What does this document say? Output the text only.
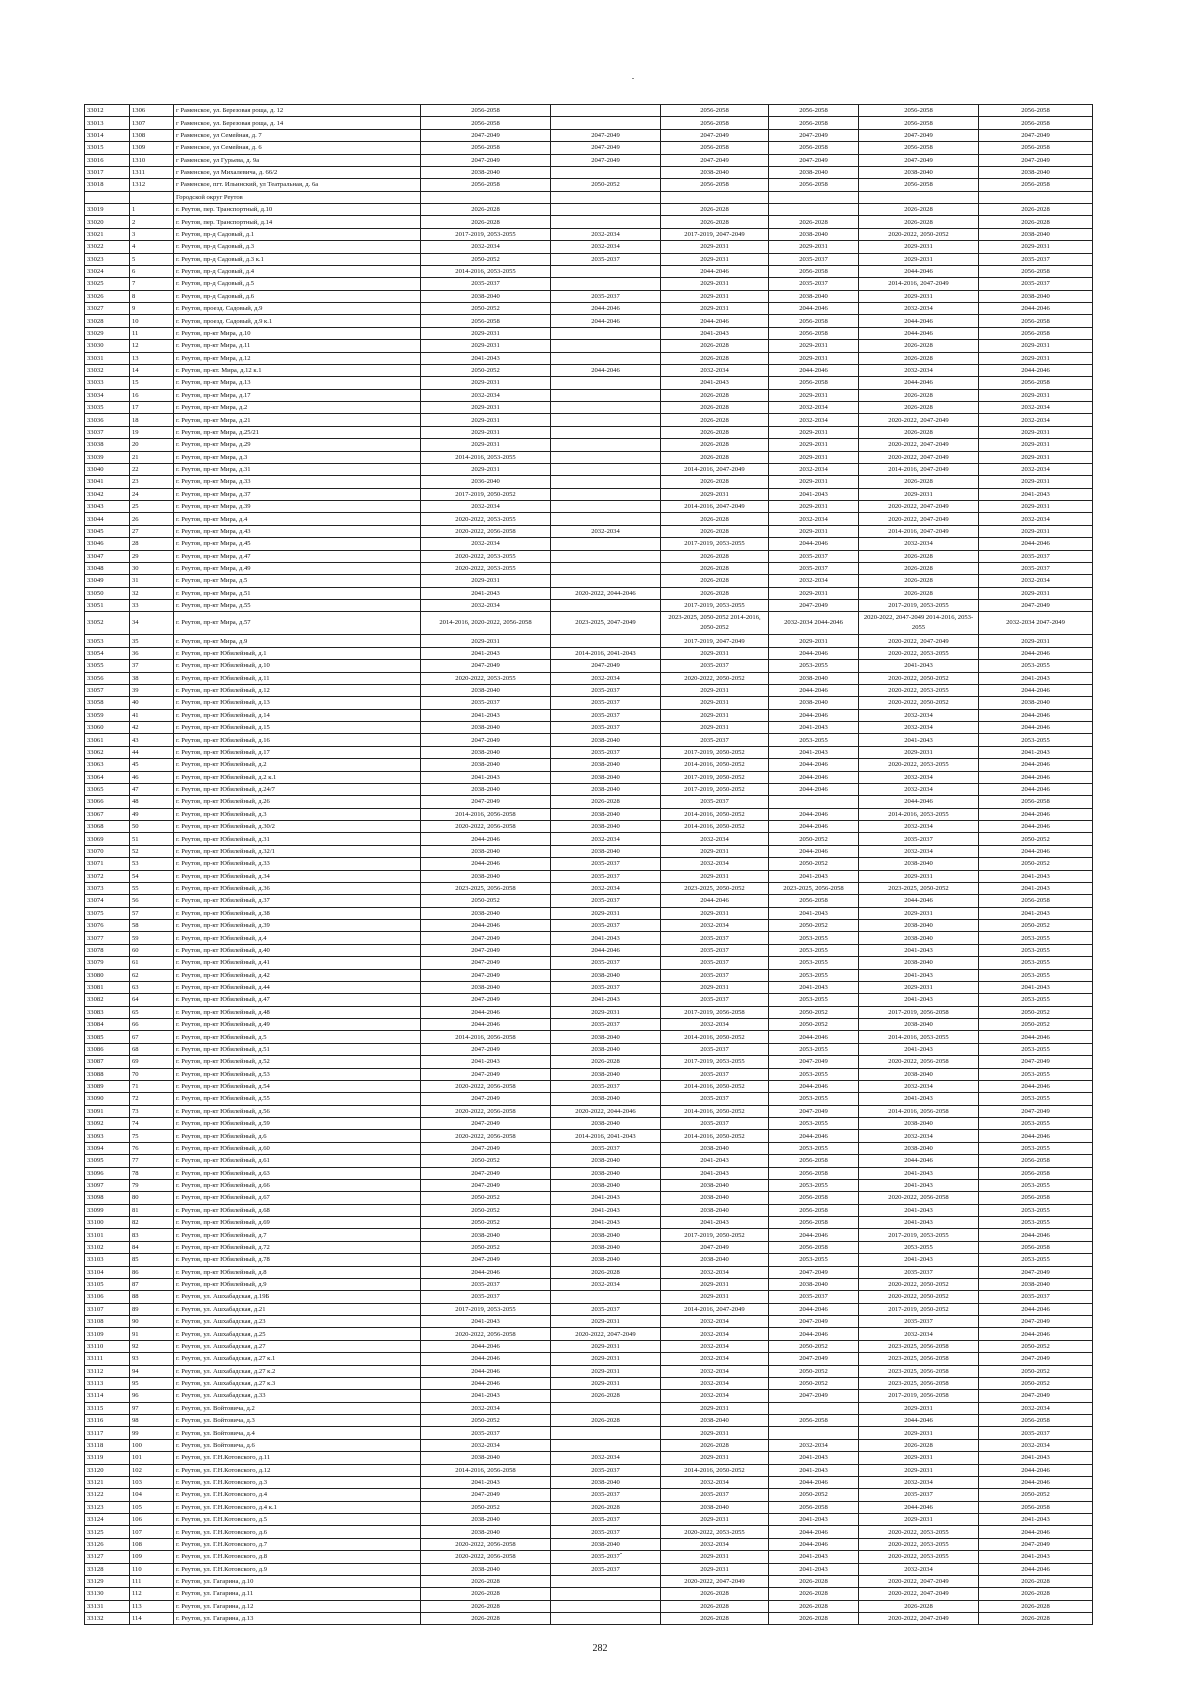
33012	1306	г Раменское, ул. Березовая роща, д. 12	2056-2058		2056-2058	2056-2058	2056-2058	2056-2058
33013	1307	г Раменское, ул. Березовая роща, д. 14	2056-2058		2056-2058	2056-2058	2056-2058	2056-2058
33014	1308	г Раменское, ул Семейная, д. 7	2047-2049	2047-2049	2047-2049	2047-2049	2047-2049	2047-2049
33015	1309	г Раменское, ул Семейная, д. 6	2056-2058	2047-2049	2056-2058	2056-2058	2056-2058	2056-2058
33016	1310	г Раменское, ул Гурьева, д. 9а	2047-2049	2047-2049	2047-2049	2047-2049	2047-2049	2047-2049
33017	1311	г Раменское, ул Михалевича, д. 66/2	2038-2040		2038-2040	2038-2040	2038-2040	2038-2040
33018	1312	г Раменское, пгт. Ильинский, ул Театральная, д. 6а	2056-2058	2050-2052	2056-2058	2056-2058	2056-2058	2056-2058
		Городской округ Реутов						
33019	1	г. Реутов, пер. Транспортный, д.10	2026-2028		2026-2028		2026-2028	2026-2028
33020	2	г. Реутов, пер. Транспортный, д.14	2026-2028		2026-2028	2026-2028	2026-2028	2026-2028
33021	3	г. Реутов, пр-д Садовый, д.1	2017-2019, 2053-2055	2032-2034	2017-2019, 2047-2049	2038-2040	2020-2022, 2050-2052	2038-2040
33022	4	г. Реутов, пр-д Садовый, д.3	2032-2034	2032-2034	2029-2031	2029-2031	2029-2031	2029-2031
33023	5	г. Реутов, пр-д Садовый, д.3 к.1	2050-2052	2035-2037	2029-2031	2035-2037	2029-2031	2035-2037
33024	6	г. Реутов, пр-д Садовый, д.4	2014-2016, 2053-2055		2044-2046	2056-2058	2044-2046	2056-2058
33025	7	г. Реутов, пр-д Садовый, д.5	2035-2037		2029-2031	2035-2037	2014-2016, 2047-2049	2035-2037
33026	8	г. Реутов, пр-д Садовый, д.6	2038-2040	2035-2037	2029-2031	2038-2040	2029-2031	2038-2040
33027	9	г. Реутов, проезд. Садовый, д.9	2050-2052	2044-2046	2029-2031	2044-2046	2032-2034	2044-2046
33028	10	г. Реутов, проезд. Садовый, д.9 к.1	2056-2058	2044-2046	2044-2046	2056-2058	2044-2046	2056-2058
33029	11	г. Реутов, пр-кт Мира, д.10	2029-2031		2041-2043	2056-2058	2044-2046	2056-2058
33030	12	г. Реутов, пр-кт Мира, д.11	2029-2031		2026-2028	2029-2031	2026-2028	2029-2031
33031	13	г. Реутов, пр-кт Мира, д.12	2041-2043		2026-2028	2029-2031	2026-2028	2029-2031
33032	14	г. Реутов, пр-кт. Мира, д.12 к.1	2050-2052	2044-2046	2032-2034	2044-2046	2032-2034	2044-2046
33033	15	г. Реутов, пр-кт Мира, д.13	2029-2031		2041-2043	2056-2058	2044-2046	2056-2058
33034	16	г. Реутов, пр-кт Мира, д.17	2032-2034		2026-2028	2029-2031	2026-2028	2029-2031
33035	17	г. Реутов, пр-кт Мира, д.2	2029-2031		2026-2028	2032-2034	2026-2028	2032-2034
33036	18	г. Реутов, пр-кт Мира, д.21	2029-2031		2026-2028	2032-2034	2020-2022, 2047-2049	2032-2034
33037	19	г. Реутов, пр-кт Мира, д.25/21	2029-2031		2026-2028	2029-2031	2026-2028	2029-2031
33038	20	г. Реутов, пр-кт Мира, д.29	2029-2031		2026-2028	2029-2031	2020-2022, 2047-2049	2029-2031
33039	21	г. Реутов, пр-кт Мира, д.3	2014-2016, 2053-2055		2026-2028	2029-2031	2020-2022, 2047-2049	2029-2031
33040	22	г. Реутов, пр-кт Мира, д.31	2029-2031		2014-2016, 2047-2049	2032-2034	2014-2016, 2047-2049	2032-2034
33041	23	г. Реутов, пр-кт Мира, д.33	2036-2040		2026-2028	2029-2031	2026-2028	2029-2031
33042	24	г. Реутов, пр-кт Мира, д.37	2017-2019, 2050-2052		2029-2031	2041-2043	2029-2031	2041-2043
33043	25	г. Реутов, пр-кт Мира, д.39	2032-2034		2014-2016, 2047-2049	2029-2031	2020-2022, 2047-2049	2029-2031
33044	26	г. Реутов, пр-кт Мира, д.4	2020-2022, 2053-2055		2026-2028	2032-2034	2020-2022, 2047-2049	2032-2034
33045	27	г. Реутов, пр-кт Мира, д.43	2020-2022, 2056-2058	2032-2034	2026-2028	2029-2031	2014-2016, 2047-2049	2029-2031
33046	28	г. Реутов, пр-кт Мира, д.45	2032-2034		2017-2019, 2053-2055	2044-2046	2032-2034	2044-2046
33047	29	г. Реутов, пр-кт Мира, д.47	2020-2022, 2053-2055		2026-2028	2035-2037	2026-2028	2035-2037
33048	30	г. Реутов, пр-кт Мира, д.49	2020-2022, 2053-2055		2026-2028	2035-2037	2026-2028	2035-2037
33049	31	г. Реутов, пр-кт Мира, д.5	2029-2031		2026-2028	2032-2034	2026-2028	2032-2034
33050	32	г. Реутов, пр-кт Мира, д.51	2041-2043	2020-2022, 2044-2046	2026-2028	2029-2031	2026-2028	2029-2031
33051	33	г. Реутов, пр-кт Мира, д.55	2032-2034		2017-2019, 2053-2055	2047-2049	2017-2019, 2053-2055	2047-2049
33052	34	г. Реутов, пр-кт Мира, д.57	2014-2016, 2020-2022, 2056-2058	2023-2025, 2047-2049	2023-2025, 2050-2052 2014-2016, 2050-2052	2032-2034 2044-2046	2020-2022, 2047-2049 2014-2016, 2053-2055	2032-2034 2047-2049
33053	35	г. Реутов, пр-кт Мира, д.9	2029-2031		2017-2019, 2047-2049	2029-2031	2020-2022, 2047-2049	2029-2031
33054	36	г. Реутов, пр-кт Юбилейный, д.1	2041-2043	2014-2016, 2041-2043	2029-2031	2044-2046	2020-2022, 2053-2055	2044-2046
33055	37	г. Реутов, пр-кт Юбилейный, д.10	2047-2049	2047-2049	2035-2037	2053-2055	2041-2043	2053-2055
33056	38	г. Реутов, пр-кт Юбилейный, д.11	2020-2022, 2053-2055	2032-2034	2020-2022, 2050-2052	2038-2040	2020-2022, 2050-2052	2041-2043
33057	39	г. Реутов, пр-кт Юбилейный, д.12	2038-2040	2035-2037	2029-2031	2044-2046	2020-2022, 2053-2055	2044-2046
33058	40	г. Реутов, пр-кт Юбилейный, д.13	2035-2037	2035-2037	2029-2031	2038-2040	2020-2022, 2050-2052	2038-2040
33059	41	г. Реутов, пр-кт Юбилейный, д.14	2041-2043	2035-2037	2029-2031	2044-2046	2032-2034	2044-2046
33060	42	г. Реутов, пр-кт Юбилейный, д.15	2038-2040	2035-2037	2029-2031	2041-2043	2032-2034	2044-2046
33061	43	г. Реутов, пр-кт Юбилейный, д.16	2047-2049	2038-2040	2035-2037	2053-2055	2041-2043	2053-2055
33062	44	г. Реутов, пр-кт Юбилейный, д.17	2038-2040	2035-2037	2017-2019, 2050-2052	2041-2043	2029-2031	2041-2043
33063	45	г. Реутов, пр-кт Юбилейный, д.2	2038-2040	2038-2040	2014-2016, 2050-2052	2044-2046	2020-2022, 2053-2055	2044-2046
33064	46	г. Реутов, пр-кт Юбилейный, д.2 к.1	2041-2043	2038-2040	2017-2019, 2050-2052	2044-2046	2032-2034	2044-2046
33065	47	г. Реутов, пр-кт Юбилейный, д.24/7	2038-2040	2038-2040	2017-2019, 2050-2052	2044-2046	2032-2034	2044-2046
33066	48	г. Реутов, пр-кт Юбилейный, д.26	2047-2049	2026-2028	2035-2037		2044-2046	2056-2058
33067	49	г. Реутов, пр-кт Юбилейный, д.3	2014-2016, 2056-2058	2038-2040	2014-2016, 2050-2052	2044-2046	2014-2016, 2053-2055	2044-2046
33068	50	г. Реутов, пр-кт Юбилейный, д.30/2	2020-2022, 2056-2058	2038-2040	2014-2016, 2050-2052	2044-2046	2032-2034	2044-2046
33069	51	г. Реутов, пр-кт Юбилейный, д.31	2044-2046	2032-2034	2032-2034	2050-2052	2035-2037	2050-2052
33070	52	г. Реутов, пр-кт Юбилейный, д.32/1	2038-2040	2038-2040	2029-2031	2044-2046	2032-2034	2044-2046
33071	53	г. Реутов, пр-кт Юбилейный, д.33	2044-2046	2035-2037	2032-2034	2050-2052	2038-2040	2050-2052
33072	54	г. Реутов, пр-кт Юбилейный, д.34	2038-2040	2035-2037	2029-2031	2041-2043	2029-2031	2041-2043
33073	55	г. Реутов, пр-кт Юбилейный, д.36	2023-2025, 2056-2058	2032-2034	2023-2025, 2050-2052	2023-2025, 2056-2058	2023-2025, 2050-2052	2041-2043
33074	56	г. Реутов, пр-кт Юбилейный, д.37	2050-2052	2035-2037	2044-2046	2056-2058	2044-2046	2056-2058
33075	57	г. Реутов, пр-кт Юбилейный, д.38	2038-2040	2029-2031	2029-2031	2041-2043	2029-2031	2041-2043
33076	58	г. Реутов, пр-кт Юбилейный, д.39	2044-2046	2035-2037	2032-2034	2050-2052	2038-2040	2050-2052
33077	59	г. Реутов, пр-кт Юбилейный, д.4	2047-2049	2041-2043	2035-2037	2053-2055	2038-2040	2053-2055
33078	60	г. Реутов, пр-кт Юбилейный, д.40	2047-2049	2044-2046	2035-2037	2053-2055	2041-2043	2053-2055
33079	61	г. Реутов, пр-кт Юбилейный, д.41	2047-2049	2035-2037	2035-2037	2053-2055	2038-2040	2053-2055
33080	62	г. Реутов, пр-кт Юбилейный, д.42	2047-2049	2038-2040	2035-2037	2053-2055	2041-2043	2053-2055
33081	63	г. Реутов, пр-кт Юбилейный, д.44	2038-2040	2035-2037	2029-2031	2041-2043	2029-2031	2041-2043
33082	64	г. Реутов, пр-кт Юбилейный, д.47	2047-2049	2041-2043	2035-2037	2053-2055	2041-2043	2053-2055
33083	65	г. Реутов, пр-кт Юбилейный, д.48	2044-2046	2029-2031	2017-2019, 2056-2058	2050-2052	2017-2019, 2056-2058	2050-2052
33084	66	г. Реутов, пр-кт Юбилейный, д.49	2044-2046	2035-2037	2032-2034	2050-2052	2038-2040	2050-2052
33085	67	г. Реутов, пр-кт Юбилейный, д.5	2014-2016, 2056-2058	2038-2040	2014-2016, 2050-2052	2044-2046	2014-2016, 2053-2055	2044-2046
33086	68	г. Реутов, пр-кт Юбилейный, д.51	2047-2049	2038-2040	2035-2037	2053-2055	2041-2043	2053-2055
33087	69	г. Реутов, пр-кт Юбилейный, д.52	2041-2043	2026-2028	2017-2019, 2053-2055	2047-2049	2020-2022, 2056-2058	2047-2049
33088	70	г. Реутов, пр-кт Юбилейный, д.53	2047-2049	2038-2040	2035-2037	2053-2055	2038-2040	2053-2055
33089	71	г. Реутов, пр-кт Юбилейный, д.54	2020-2022, 2056-2058	2035-2037	2014-2016, 2050-2052	2044-2046	2032-2034	2044-2046
33090	72	г. Реутов, пр-кт Юбилейный, д.55	2047-2049	2038-2040	2035-2037	2053-2055	2041-2043	2053-2055
33091	73	г. Реутов, пр-кт Юбилейный, д.56	2020-2022, 2056-2058	2020-2022, 2044-2046	2014-2016, 2050-2052	2047-2049	2014-2016, 2056-2058	2047-2049
33092	74	г. Реутов, пр-кт Юбилейный, д.59	2047-2049	2038-2040	2035-2037	2053-2055	2038-2040	2053-2055
33093	75	г. Реутов, пр-кт Юбилейный, д.6	2020-2022, 2056-2058	2014-2016, 2041-2043	2014-2016, 2050-2052	2044-2046	2032-2034	2044-2046
33094	76	г. Реутов, пр-кт Юбилейный, д.60	2047-2049	2035-2037	2038-2040	2053-2055	2038-2040	2053-2055
33095	77	г. Реутов, пр-кт Юбилейный, д.61	2050-2052	2038-2040	2041-2043	2056-2058	2044-2046	2056-2058
33096	78	г. Реутов, пр-кт Юбилейный, д.63	2047-2049	2038-2040	2041-2043	2056-2058	2041-2043	2056-2058
33097	79	г. Реутов, пр-кт Юбилейный, д.66	2047-2049	2038-2040	2038-2040	2053-2055	2041-2043	2053-2055
33098	80	г. Реутов, пр-кт Юбилейный, д.67	2050-2052	2041-2043	2038-2040	2056-2058	2020-2022, 2056-2058	2056-2058
33099	81	г. Реутов, пр-кт Юбилейный, д.68	2050-2052	2041-2043	2038-2040	2056-2058	2041-2043	2053-2055
33100	82	г. Реутов, пр-кт Юбилейный, д.69	2050-2052	2041-2043	2041-2043	2056-2058	2041-2043	2053-2055
33101	83	г. Реутов, пр-кт Юбилейный, д.7	2038-2040	2038-2040	2017-2019, 2050-2052	2044-2046	2017-2019, 2053-2055	2044-2046
33102	84	г. Реутов, пр-кт Юбилейный, д.72	2050-2052	2038-2040	2047-2049	2056-2058	2053-2055	2056-2058
33103	85	г. Реутов, пр-кт Юбилейный, д.78	2047-2049	2038-2040	2038-2040	2053-2055	2041-2043	2053-2055
33104	86	г. Реутов, пр-кт Юбилейный, д.8	2044-2046	2026-2028	2032-2034	2047-2049	2035-2037	2047-2049
33105	87	г. Реутов, пр-кт Юбилейный, д.9	2035-2037	2032-2034	2029-2031	2038-2040	2020-2022, 2050-2052	2038-2040
33106	88	г. Реутов, ул. Ашхабадская, д.19Б	2035-2037		2029-2031	2035-2037	2020-2022, 2050-2052	2035-2037
33107	89	г. Реутов, ул. Ашхабадская, д.21	2017-2019, 2053-2055	2035-2037	2014-2016, 2047-2049	2044-2046	2017-2019, 2050-2052	2044-2046
33108	90	г. Реутов, ул. Ашхабадская, д.23	2041-2043	2029-2031	2032-2034	2047-2049	2035-2037	2047-2049
33109	91	г. Реутов, ул. Ашхабадская, д.25	2020-2022, 2056-2058	2020-2022, 2047-2049	2032-2034	2044-2046	2032-2034	2044-2046
33110	92	г. Реутов, ул. Ашхабадская, д.27	2044-2046	2029-2031	2032-2034	2050-2052	2023-2025, 2056-2058	2050-2052
33111	93	г. Реутов, ул. Ашхабадская, д.27 к.1	2044-2046	2029-2031	2032-2034	2047-2049	2023-2025, 2056-2058	2047-2049
33112	94	г. Реутов, ул. Ашхабадская, д.27 к.2	2044-2046	2029-2031	2032-2034	2050-2052	2023-2025, 2056-2058	2050-2052
33113	95	г. Реутов, ул. Ашхабадская, д.27 к.3	2044-2046	2029-2031	2032-2034	2050-2052	2023-2025, 2056-2058	2050-2052
33114	96	г. Реутов, ул. Ашхабадская, д.33	2041-2043	2026-2028	2032-2034	2047-2049	2017-2019, 2056-2058	2047-2049
33115	97	г. Реутов, ул. Войтовича, д.2	2032-2034		2029-2031		2029-2031	2032-2034
33116	98	г. Реутов, ул. Войтовича, д.3	2050-2052	2026-2028	2038-2040	2056-2058	2044-2046	2056-2058
33117	99	г. Реутов, ул. Войтовича, д.4	2035-2037		2029-2031		2029-2031	2035-2037
33118	100	г. Реутов, ул. Войтовича, д.6	2032-2034		2026-2028	2032-2034	2026-2028	2032-2034
33119	101	г. Реутов, ул. Г.Н.Котовского, д.11	2038-2040	2032-2034	2029-2031	2041-2043	2029-2031	2041-2043
33120	102	г. Реутов, ул. Г.Н.Котовского, д.12	2014-2016, 2056-2058	2035-2037	2014-2016, 2050-2052	2041-2043	2029-2031	2044-2046
33121	103	г. Реутов, ул. Г.Н.Котовского, д.3	2041-2043	2038-2040	2032-2034	2044-2046	2032-2034	2044-2046
33122	104	г. Реутов, ул. Г.Н.Котовского, д.4	2047-2049	2035-2037	2035-2037	2050-2052	2035-2037	2050-2052
33123	105	г. Реутов, ул. Г.Н.Котовского, д.4 к.1	2050-2052	2026-2028	2038-2040	2056-2058	2044-2046	2056-2058
33124	106	г. Реутов, ул. Г.Н.Котовского, д.5	2038-2040	2035-2037	2029-2031	2041-2043	2029-2031	2041-2043
33125	107	г. Реутов, ул. Г.Н.Котовского, д.6	2038-2040	2035-2037	2020-2022, 2053-2055	2044-2046	2020-2022, 2053-2055	2044-2046
33126	108	г. Реутов, ул. Г.Н.Котовского, д.7	2020-2022, 2056-2058	2038-2040	2032-2034	2044-2046	2020-2022, 2053-2055	2047-2049
33127	109	г. Реутов, ул. Г.Н.Котовского, д.8	2020-2022, 2056-2058	2035-2037	2029-2031	2041-2043	2020-2022, 2053-2055	2041-2043
33128	110	г. Реутов, ул. Г.Н.Котовского, д.9	2038-2040	2035-2037	2029-2031	2041-2043	2032-2034	2044-2046
33129	111	г. Реутов, ул. Гагарина, д.10	2026-2028		2020-2022, 2047-2049	2026-2028	2020-2022, 2047-2049	2026-2028
33130	112	г. Реутов, ул. Гагарина, д.11	2026-2028		2026-2028	2026-2028	2020-2022, 2047-2049	2026-2028
33131	113	г. Реутов, ул. Гагарина, д.12	2026-2028		2026-2028	2026-2028	2026-2028	2026-2028
33132	114	г. Реутов, ул. Гагарина, д.13	2026-2028		2026-2028	2026-2028	2020-2022, 2047-2049	2026-2028
282
